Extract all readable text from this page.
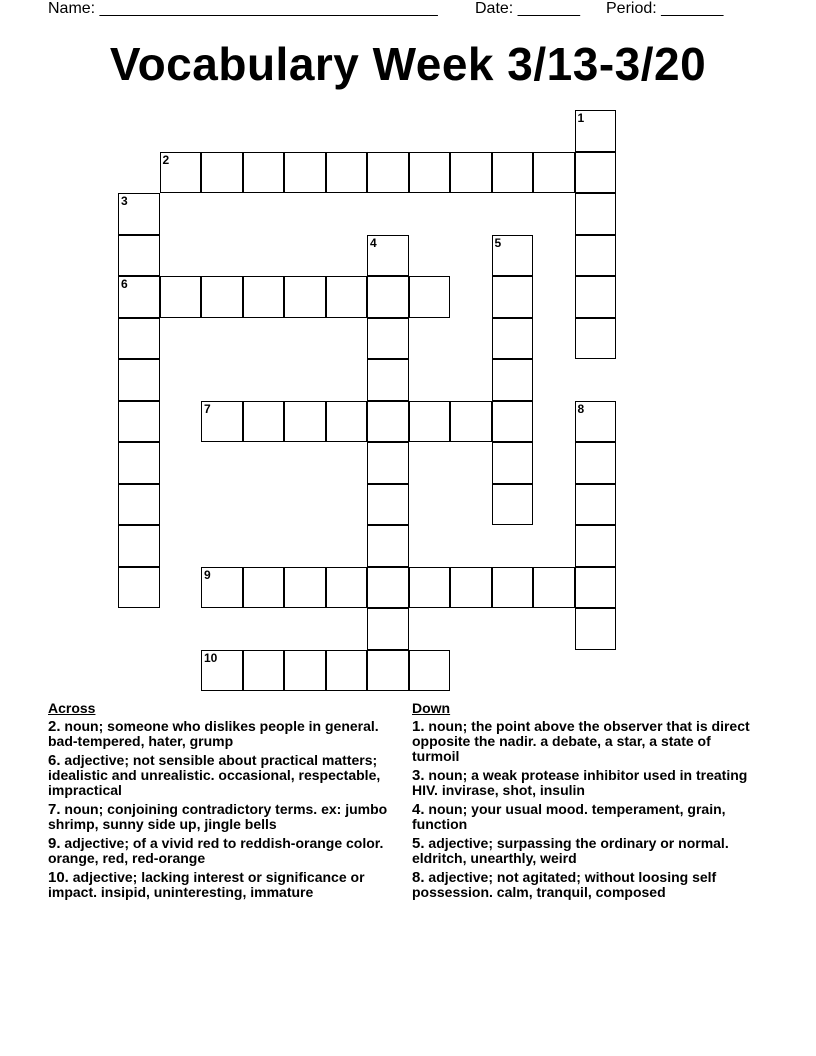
Name: ______________________________________ Date: _______ Period: _______
Vocabulary Week 3/13-3/20
1
2
3
6
4	5
7	8
9
10
Across
2. noun; someone who dislikes people in general. bad-tempered, hater, grump
6. adjective; not sensible about practical matters; idealistic and unrealistic. occasional, respectable, impractical
7. noun; conjoining contradictory terms. ex: jumbo shrimp, sunny side up, jingle bells
9. adjective; of a vivid red to reddish-orange color. orange, red, red-orange
10. adjective; lacking interest or significance or impact. insipid, uninteresting, immature
Down
1. noun; the point above the observer that is direct opposite the nadir. a debate, a star, a state of turmoil
3. noun; a weak protease inhibitor used in treating HIV. invirase, shot, insulin
4. noun; your usual mood. temperament, grain, function
5. adjective; surpassing the ordinary or normal. eldritch, unearthly, weird
8. adjective; not agitated; without loosing self possession. calm, tranquil, composed
